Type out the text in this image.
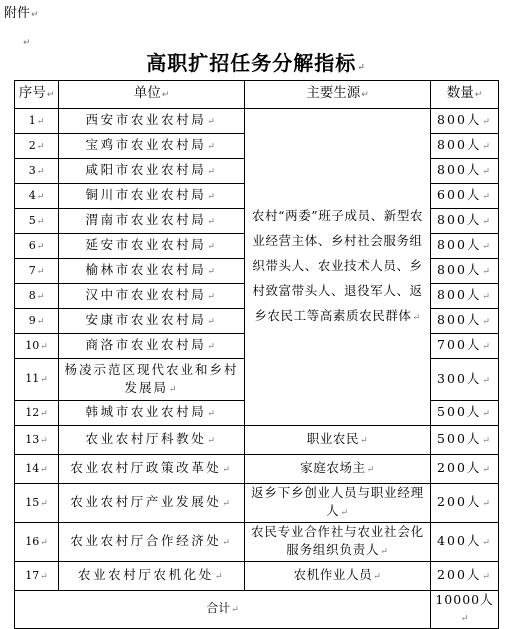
附件↵
↵
高职扩招任务分解指标↵
序号↵	单位↵	主要生源↵	数量↵
1↵	西安市农业农村局↵	农村“两委”班子成员、新型农业经营主体、乡村社会服务组织带头人、农业技术人员、乡村致富带头人、退役军人、返乡农民工等高素质农民群体↵	800人↵
2↵	宝鸡市农业农村局↵		800人↵
3↵	咸阳市农业农村局↵		800人↵
4↵	铜川市农业农村局↵		600人↵
5↵	渭南市农业农村局↵		800人↵
6↵	延安市农业农村局↵		800人↵
7↵	榆林市农业农村局↵		800人↵
8↵	汉中市农业农村局↵		800人↵
9↵	安康市农业农村局↵		800人↵
10↵	商洛市农业农村局↵		700人↵
11↵	杨凌示范区现代农业和乡村发展局↵		300人↵
12↵	韩城市农业农村局↵		500人↵
13↵	农业农村厅科教处↵	职业农民↵	500人↵
14↵	农业农村厅政策改革处↵	家庭农场主↵	200人↵
15↵	农业农村厅产业发展处↵	返乡下乡创业人员与职业经理人↵	200人↵
16↵	农业农村厅合作经济处↵	农民专业合作社与农业社会化服务组织负责人↵	400人↵
17↵	农业农村厅农机化处↵	农机作业人员↵	200人↵
合计↵			10000人↵
